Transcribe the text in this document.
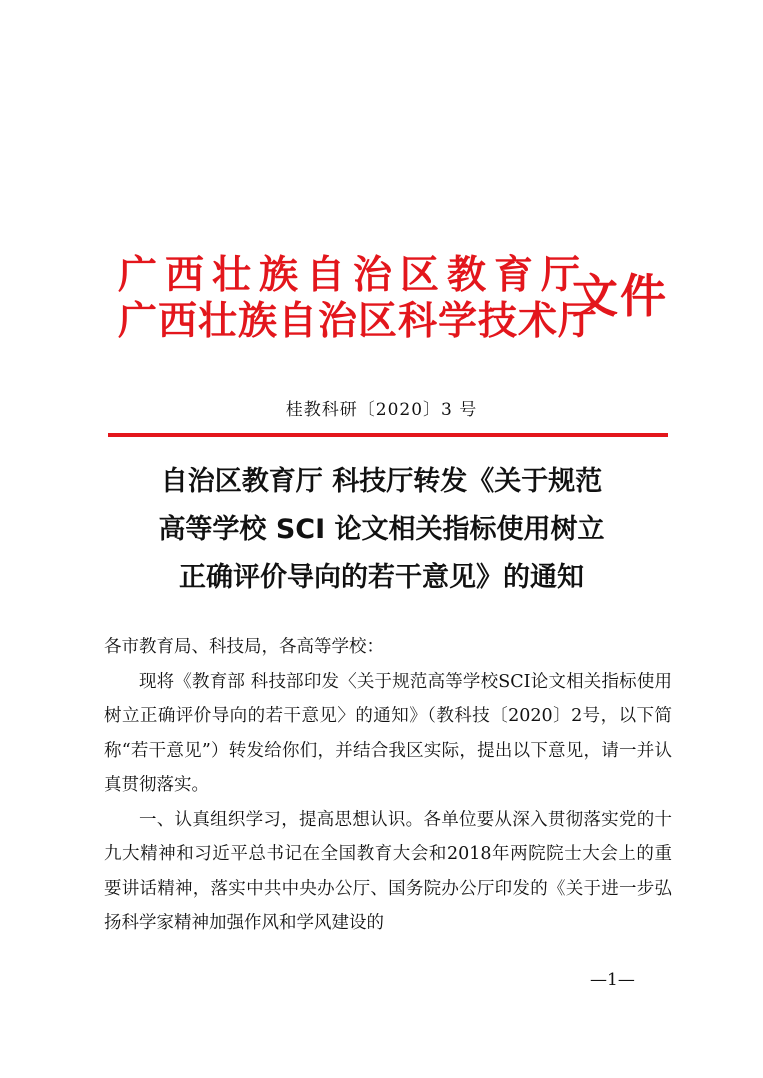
广西壮族自治区教育厅
广西壮族自治区科学技术厅
文件
桂教科研〔2020〕3 号
自治区教育厅 科技厅转发《关于规范
高等学校 SCI 论文相关指标使用树立
正确评价导向的若干意见》的通知

各市教育局、科技局，各高等学校：

现将《教育部 科技部印发〈关于规范高等学校SCI论文相关指标使用 树立正确评价导向的若干意见〉的通知》（教科技〔2020〕2号，以下简称“若干意见”）转发给你们，并结合我区实际，提出以下意见，请一并认真贯彻落实。

一、认真组织学习，提高思想认识。各单位要从深入贯彻落实党的十九大精神和习近平总书记在全国教育大会和2018年两院院士大会上的重要讲话精神，落实中共中央办公厅、国务院办公厅印发的《关于进一步弘扬科学家精神加强作风和学风建设的

—1—
